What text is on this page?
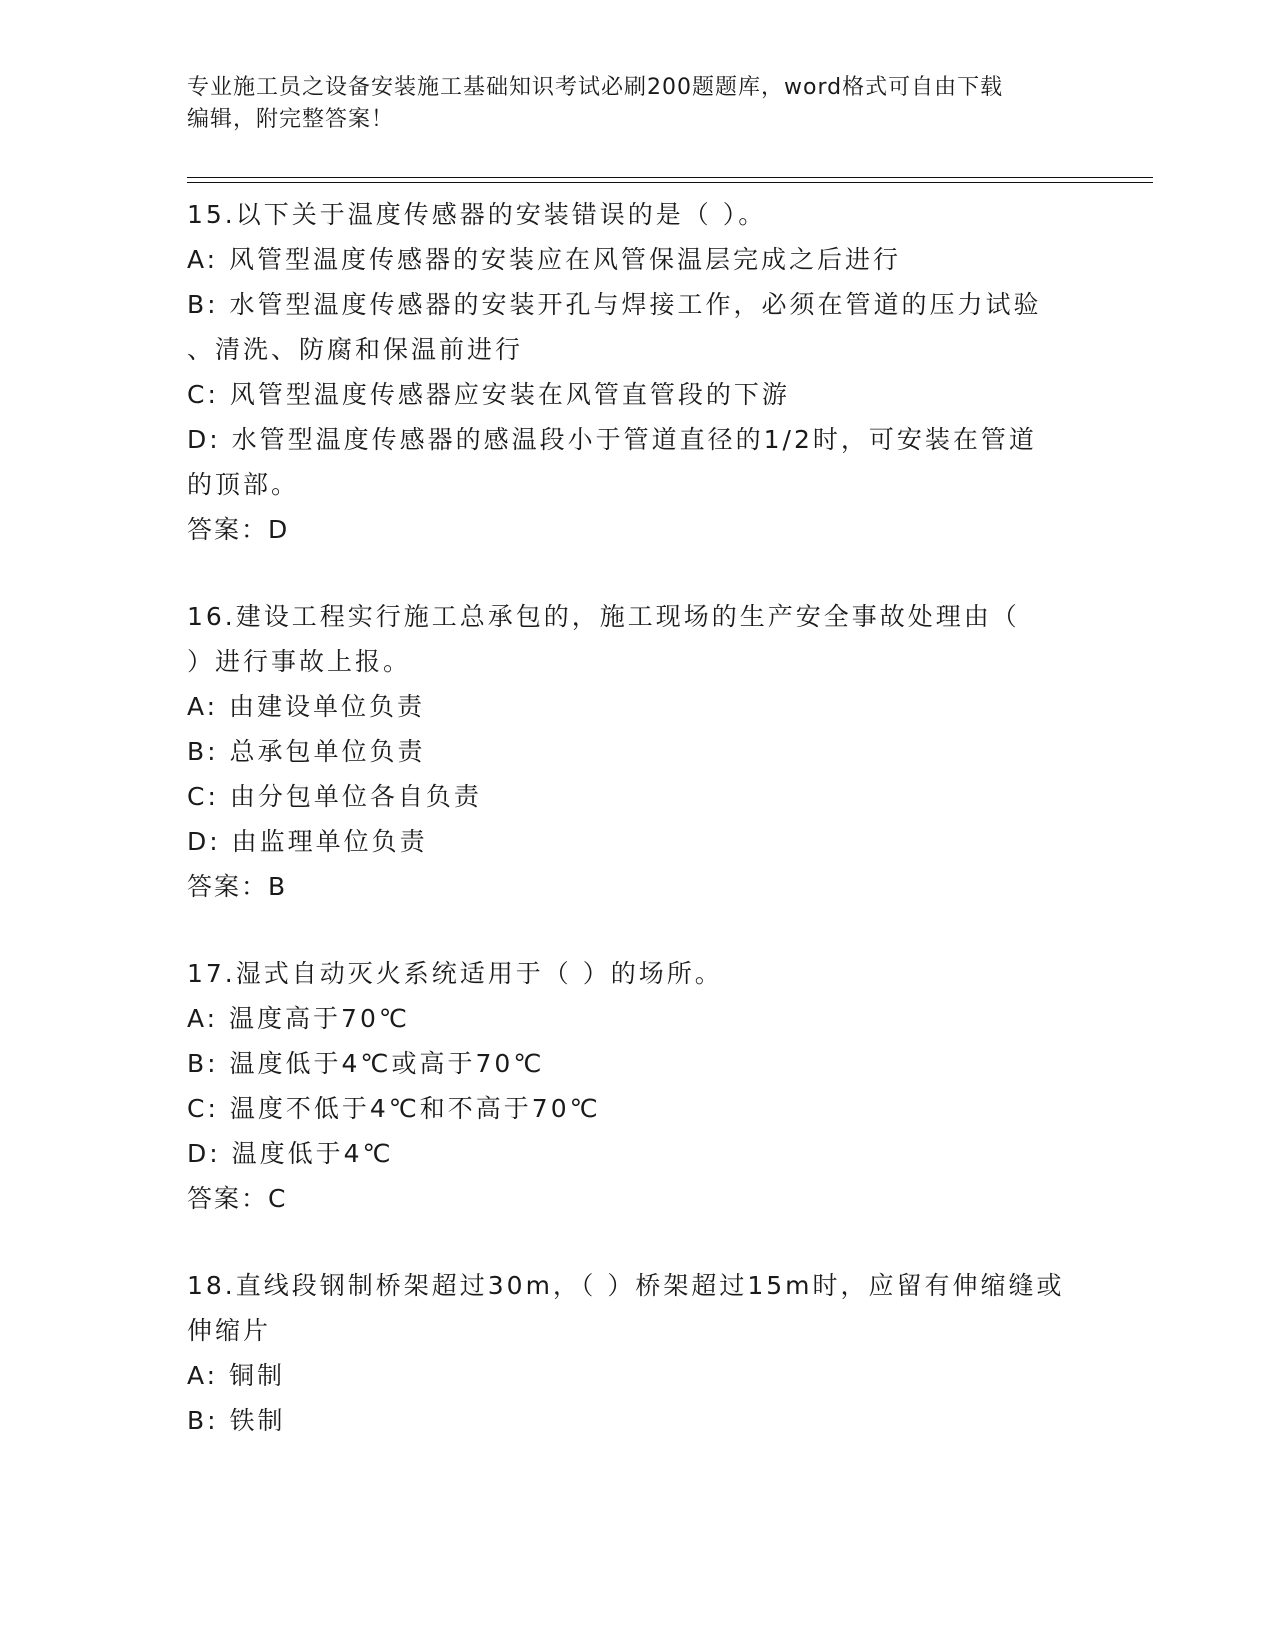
专业施工员之设备安装施工基础知识考试必刷200题题库，word格式可自由下载
编辑，附完整答案！
15.以下关于温度传感器的安装错误的是（ ）。
A: 风管型温度传感器的安装应在风管保温层完成之后进行
B: 水管型温度传感器的安装开孔与焊接工作，必须在管道的压力试验
、清洗、防腐和保温前进行
C: 风管型温度传感器应安装在风管直管段的下游
D: 水管型温度传感器的感温段小于管道直径的1/2时，可安装在管道
的顶部。
答案：D
16.建设工程实行施工总承包的，施工现场的生产安全事故处理由（
）进行事故上报。
A: 由建设单位负责
B: 总承包单位负责
C: 由分包单位各自负责
D: 由监理单位负责
答案：B
17.湿式自动灭火系统适用于（ ）的场所。
A: 温度高于70℃
B: 温度低于4℃或高于70℃
C: 温度不低于4℃和不高于70℃
D: 温度低于4℃
答案：C
18.直线段钢制桥架超过30m，（ ）桥架超过15m时，应留有伸缩缝或
伸缩片
A: 铜制
B: 铁制
